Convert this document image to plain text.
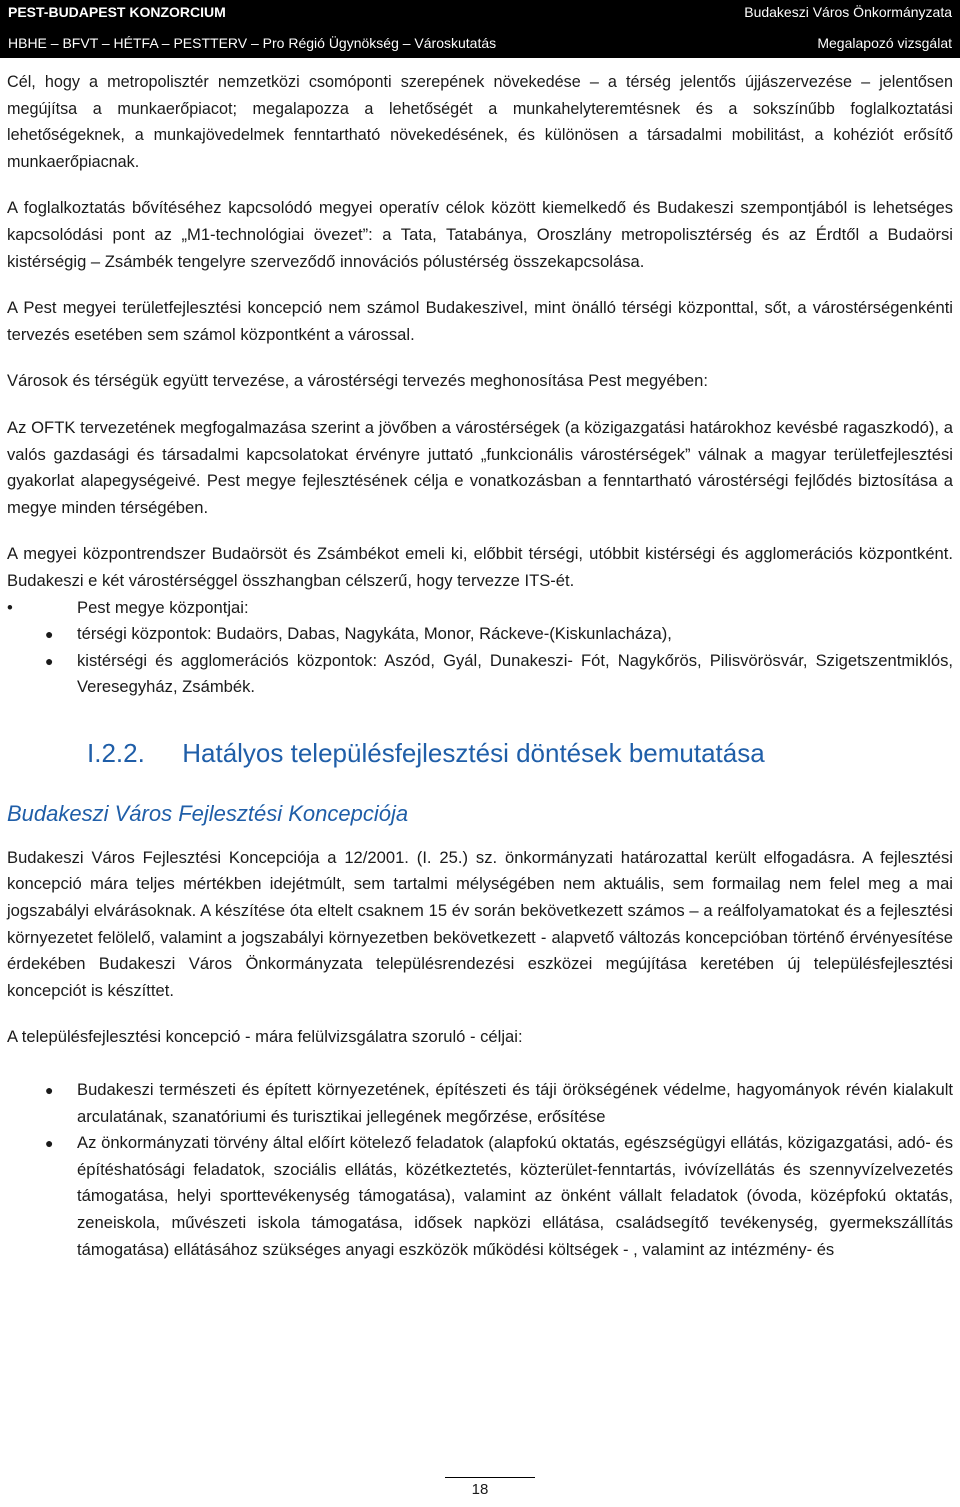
PEST-BUDAPEST KONZORCIUM	Budakeszi Város Önkormányzata
HBHE – BFVT – HÉTFA – PESTTERV – Pro Régió Ügynökség – Városkutatás	Megalapozó vizsgálat

Cél, hogy a metropolisztér nemzetközi csomóponti szerepének növekedése – a térség jelentős újjászervezése – jelentősen megújítsa a munkaerőpiacot; megalapozza a lehetőségét a munkahelyteremtésnek és a sokszínűbb foglalkoztatási lehetőségeknek, a munkajövedelmek fenntartható növekedésének, és különösen a társadalmi mobilitást, a kohéziót erősítő munkaerőpiacnak.

A foglalkoztatás bővítéséhez kapcsolódó megyei operatív célok között kiemelkedő és Budakeszi szempontjából is lehetséges kapcsolódási pont az „M1-technológiai övezet”: a Tata, Tatabánya, Oroszlány metropolisztérség és az Érdtől a Budaörsi kistérségig – Zsámbék tengelyre szerveződő innovációs pólustérség összekapcsolása.

A Pest megyei területfejlesztési koncepció nem számol Budakeszivel, mint önálló térségi központtal, sőt, a várostérségenkénti tervezés esetében sem számol központként a várossal.

Városok és térségük együtt tervezése, a várostérségi tervezés meghonosítása Pest megyében:

Az OFTK tervezetének megfogalmazása szerint a jövőben a várostérségek (a közigazgatási határokhoz kevésbé ragaszkodó), a valós gazdasági és társadalmi kapcsolatokat érvényre juttató „funkcionális várostérségek” válnak a magyar területfejlesztési gyakorlat alapegységeivé. Pest megye fejlesztésének célja e vonatkozásban a fenntartható várostérségi fejlődés biztosítása a megye minden térségében.

A megyei központrendszer Budaörsöt és Zsámbékot emeli ki, előbbit térségi, utóbbit kistérségi és agglomerációs központként. Budakeszi e két várostérséggel összhangban célszerű, hogy tervezze ITS-ét.

•	Pest megye központjai:
● térségi központok: Budaörs, Dabas, Nagykáta, Monor, Ráckeve-(Kiskunlacháza),
● kistérségi és agglomerációs központok: Aszód, Gyál, Dunakeszi- Fót, Nagykőrös, Pilisvörösvár, Szigetszentmiklós, Veresegyház, Zsámbék.
I.2.2. Hatályos településfejlesztési döntések bemutatása
Budakeszi Város Fejlesztési Koncepciója

Budakeszi Város Fejlesztési Koncepciója a 12/2001. (I. 25.) sz. önkormányzati határozattal került elfogadásra. A fejlesztési koncepció mára teljes mértékben idejétmúlt, sem tartalmi mélységében nem aktuális, sem formailag nem felel meg a mai jogszabályi elvárásoknak. A készítése óta eltelt csaknem 15 év során bekövetkezett számos – a reálfolyamatokat és a fejlesztési környezetet felölelő, valamint a jogszabályi környezetben bekövetkezett - alapvető változás koncepcióban történő érvényesítése érdekében Budakeszi Város Önkormányzata településrendezési eszközei megújítása keretében új településfejlesztési koncepciót is készíttet.

A településfejlesztési koncepció - mára felülvizsgálatra szoruló - céljai:

● Budakeszi természeti és épített környezetének, építészeti és táji örökségének védelme, hagyományok révén kialakult arculatának, szanatóriumi és turisztikai jellegének megőrzése, erősítése
● Az önkormányzati törvény által előírt kötelező feladatok (alapfokú oktatás, egészségügyi ellátás, közigazgatási, adó- és építéshatósági feladatok, szociális ellátás, közétkeztetés, közterület-fenntartás, ivóvízellátás és szennyvízelvezetés támogatása, helyi sporttevékenység támogatása), valamint az önként vállalt feladatok (óvoda, középfokú oktatás, zeneiskola, művészeti iskola támogatása, idősek napközi ellátása, családsegítő tevékenység, gyermekszállítás támogatása) ellátásához szükséges anyagi eszközök működési költségek - , valamint az intézmény- és
18
